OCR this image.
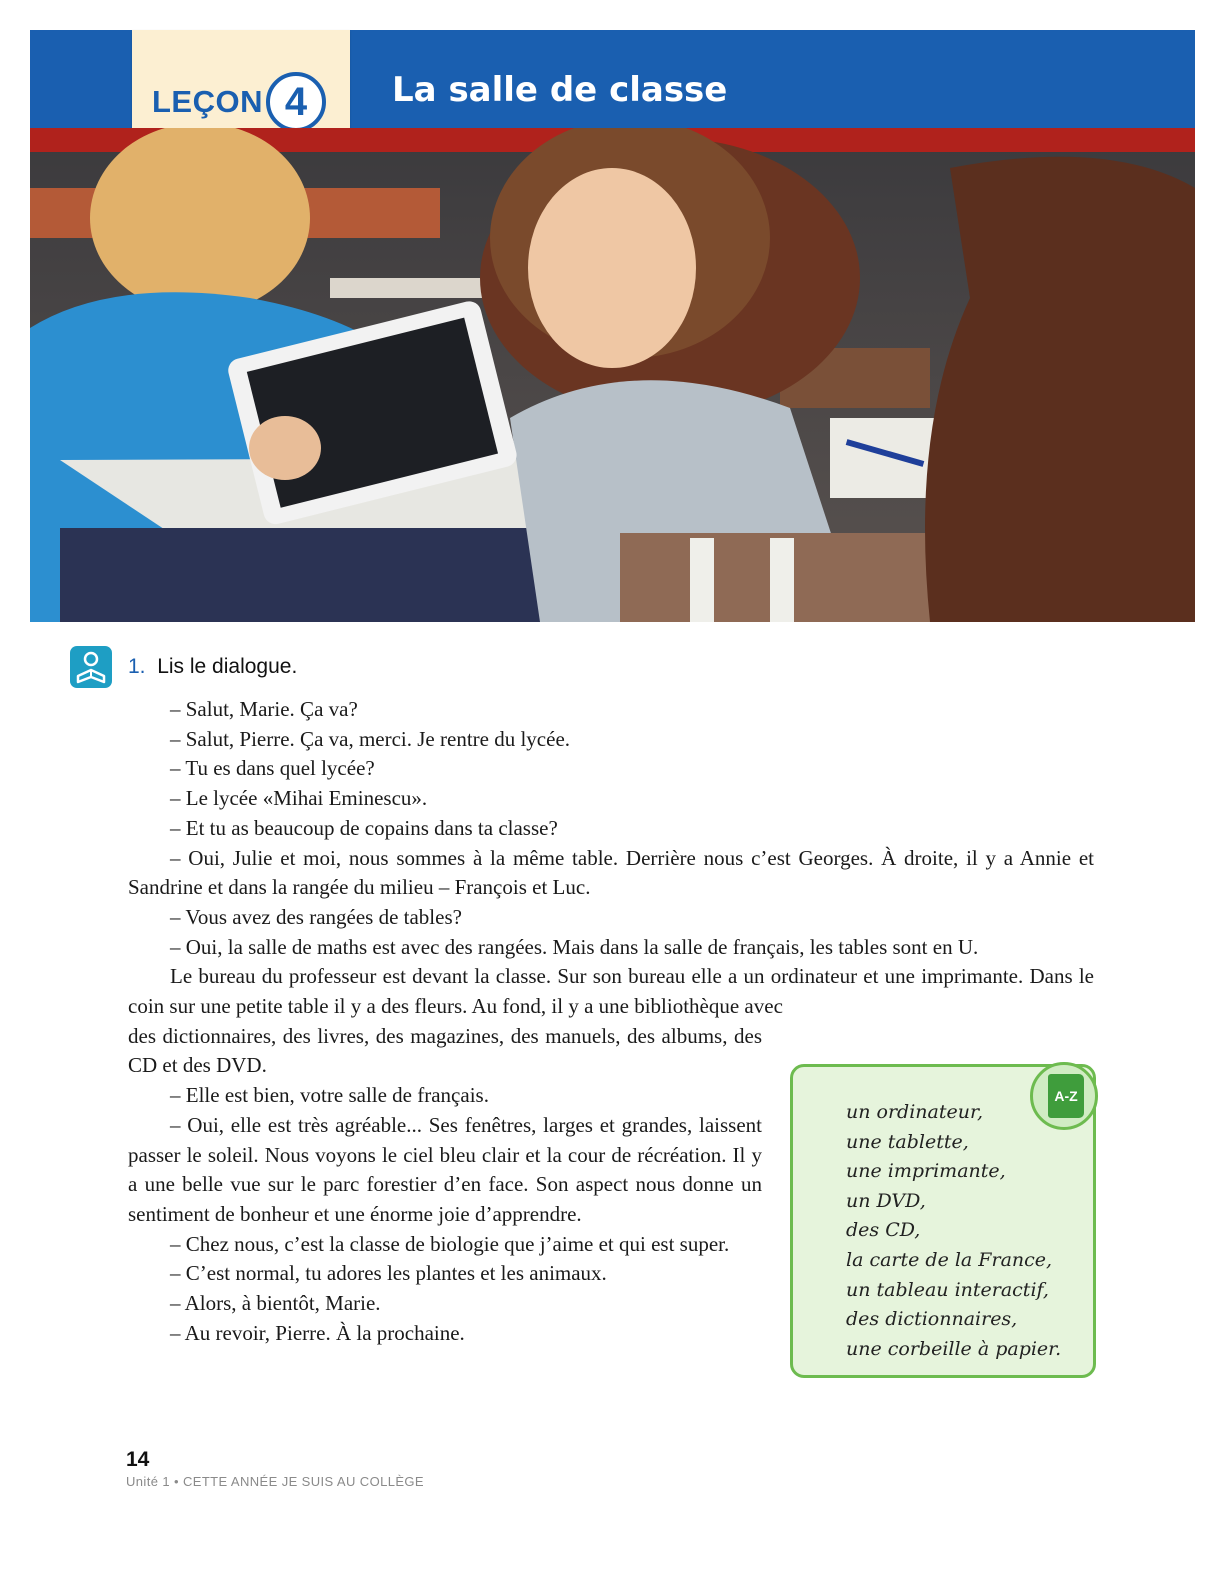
LEÇON 4	La salle de classe
1. Lis le dialogue.

– Salut, Marie. Ça va?

– Salut, Pierre. Ça va, merci. Je rentre du lycée.

– Tu es dans quel lycée?

– Le lycée «Mihai Eminescu».

– Et tu as beaucoup de copains dans ta classe?

– Oui, Julie et moi, nous sommes à la même table. Derrière nous c’est Georges. À droite, il y a Annie et Sandrine et dans la rangée du milieu – François et Luc.

– Vous avez des rangées de tables?

– Oui, la salle de maths est avec des rangées. Mais dans la salle de français, les tables sont en U.

Le bureau du professeur est devant la classe. Sur son bureau elle a un ordinateur et une imprimante. Dans le coin sur une petite table il y a des fleurs. Au fond, il y a une bibliothèque avec

des dictionnaires, des livres, des magazines, des manuels, des albums, des CD et des DVD.

– Elle est bien, votre salle de français.

– Oui, elle est très agréable... Ses fenêtres, larges et grandes, laissent passer le soleil. Nous voyons le ciel bleu clair et la cour de récréation. Il y a une belle vue sur le parc forestier d’en face. Son aspect nous donne un sentiment de bonheur et une énorme joie d’apprendre.

– Chez nous, c’est la classe de biologie que j’aime et qui est super.

– C’est normal, tu adores les plantes et les animaux.

– Alors, à bientôt, Marie.

– Au revoir, Pierre. À la prochaine.

A-Z
un ordinateur,
une tablette,
une imprimante,
un DVD,
des CD,
la carte de la France,
un tableau interactif,
des dictionnaires,
une corbeille à papier.
14
Unité 1 • CETTE ANNÉE JE SUIS AU COLLÈGE
